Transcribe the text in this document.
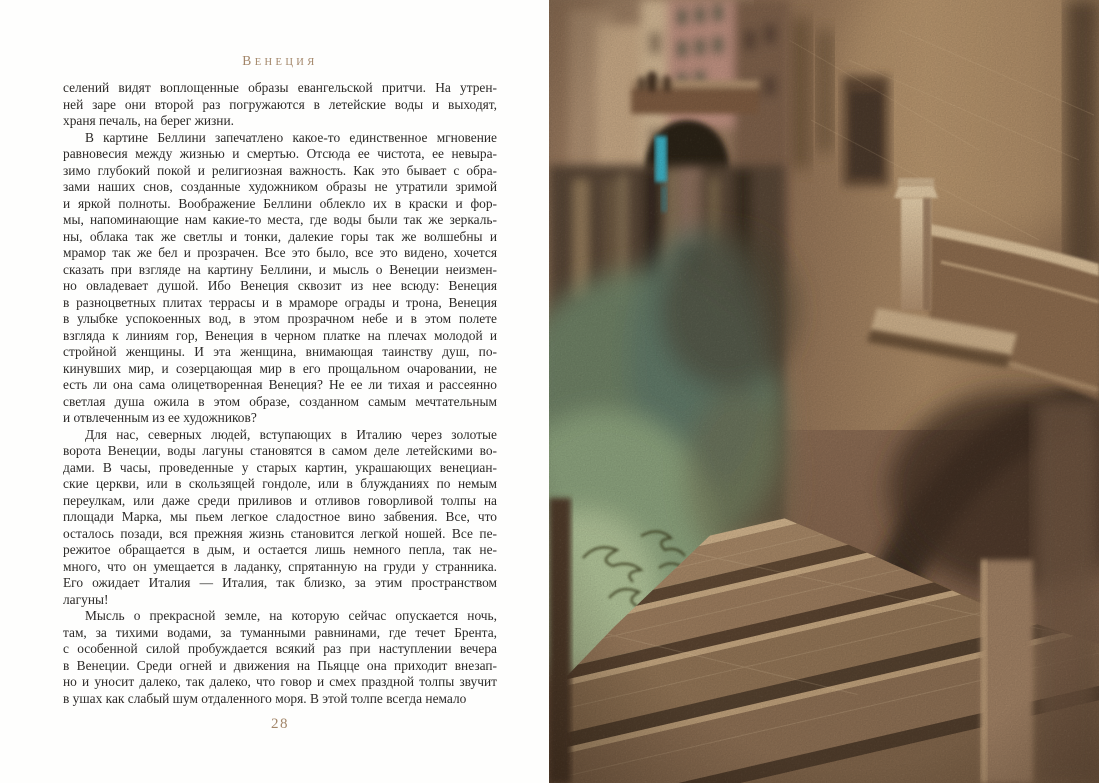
ВЕНЕЦИЯ
селений видят воплощенные образы евангельской притчи. На утрен-
ней заре они второй раз погружаются в летейские воды и выходят,
храня печаль, на берег жизни.
В картине Беллини запечатлено какое-то единственное мгновение
равновесия между жизнью и смертью. Отсюда ее чистота, ее невыра-
зимо глубокий покой и религиозная важность. Как это бывает с обра-
зами наших снов, созданные художником образы не утратили зримой
и яркой полноты. Воображение Беллини облекло их в краски и фор-
мы, напоминающие нам какие-то места, где воды были так же зеркаль-
ны, облака так же светлы и тонки, далекие горы так же волшебны и
мрамор так же бел и прозрачен. Все это было, все это видено, хочется
сказать при взгляде на картину Беллини, и мысль о Венеции неизмен-
но овладевает душой. Ибо Венеция сквозит из нее всюду: Венеция
в разноцветных плитах террасы и в мраморе ограды и трона, Венеция
в улыбке успокоенных вод, в этом прозрачном небе и в этом полете
взгляда к линиям гор, Венеция в черном платке на плечах молодой и
стройной женщины. И эта женщина, внимающая таинству душ, по-
кинувших мир, и созерцающая мир в его прощальном очаровании, не
есть ли она сама олицетворенная Венеция? Не ее ли тихая и рассеянно
светлая душа ожила в этом образе, созданном самым мечтательным
и отвлеченным из ее художников?
Для нас, северных людей, вступающих в Италию через золотые
ворота Венеции, воды лагуны становятся в самом деле летейскими во-
дами. В часы, проведенные у старых картин, украшающих венециан-
ские церкви, или в скользящей гондоле, или в блужданиях по немым
переулкам, или даже среди приливов и отливов говорливой толпы на
площади Марка, мы пьем легкое сладостное вино забвения. Все, что
осталось позади, вся прежняя жизнь становится легкой ношей. Все пе-
режитое обращается в дым, и остается лишь немного пепла, так не-
много, что он умещается в ладанку, спрятанную на груди у странника.
Его ожидает Италия — Италия, так близко, за этим пространством
лагуны!
Мысль о прекрасной земле, на которую сейчас опускается ночь,
там, за тихими водами, за туманными равнинами, где течет Брента,
с особенной силой пробуждается всякий раз при наступлении вечера
в Венеции. Среди огней и движения на Пьяцце она приходит внезап-
но и уносит далеко, так далеко, что говор и смех праздной толпы звучит
в ушах как слабый шум отдаленного моря. В этой толпе всегда немало
28
